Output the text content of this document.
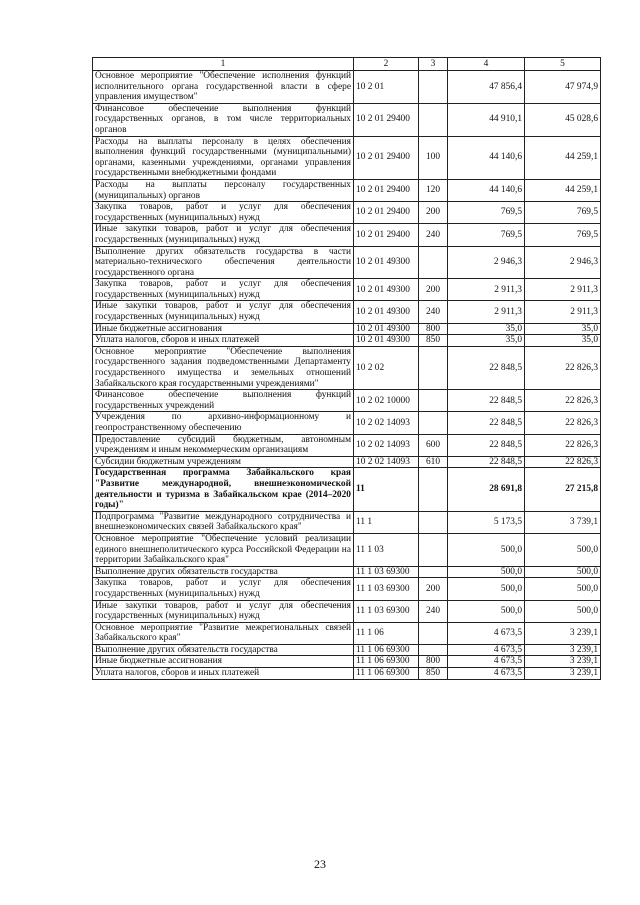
1	2	3	4	5
Основное мероприятие "Обеспечение исполнения функций исполнительного органа государственной власти в сфере управления имуществом"	10 2 01		47 856,4	47 974,9
Финансовое обеспечение выполнения функций государственных органов, в том числе территориальных органов	10 2 01 29400		44 910,1	45 028,6
Расходы на выплаты персоналу в целях обеспечения выполнения функций государственными (муниципальными) органами, казенными учреждениями, органами управления государственными внебюджетными фондами	10 2 01 29400	100	44 140,6	44 259,1
Расходы на выплаты персоналу государственных (муниципальных) органов	10 2 01 29400	120	44 140,6	44 259,1
Закупка товаров, работ и услуг для обеспечения государственных (муниципальных) нужд	10 2 01 29400	200	769,5	769,5
Иные закупки товаров, работ и услуг для обеспечения государственных (муниципальных) нужд	10 2 01 29400	240	769,5	769,5
Выполнение других обязательств государства в части материально-технического обеспечения деятельности государственного органа	10 2 01 49300		2 946,3	2 946,3
Закупка товаров, работ и услуг для обеспечения государственных (муниципальных) нужд	10 2 01 49300	200	2 911,3	2 911,3
Иные закупки товаров, работ и услуг для обеспечения государственных (муниципальных) нужд	10 2 01 49300	240	2 911,3	2 911,3
Иные бюджетные ассигнования	10 2 01 49300	800	35,0	35,0
Уплата налогов, сборов и иных платежей	10 2 01 49300	850	35,0	35,0
Основное мероприятие "Обеспечение выполнения государственного задания подведомственными Департаменту государственного имущества и земельных отношений Забайкальского края государственными учреждениями"	10 2 02		22 848,5	22 826,3
Финансовое обеспечение выполнения функций государственных учреждений	10 2 02 10000		22 848,5	22 826,3
Учреждения по архивно-информационному и геопространственному обеспечению	10 2 02 14093		22 848,5	22 826,3
Предоставление субсидий бюджетным, автономным учреждениям и иным некоммерческим организациям	10 2 02 14093	600	22 848,5	22 826,3
Субсидии бюджетным учреждениям	10 2 02 14093	610	22 848,5	22 826,3
Государственная программа Забайкальского края "Развитие международной, внешнеэкономической деятельности и туризма в Забайкальском крае (2014–2020 годы)"	11		28 691,8	27 215,8
Подпрограмма "Развитие международного сотрудничества и внешнеэкономических связей Забайкальского края"	11 1		5 173,5	3 739,1
Основное мероприятие "Обеспечение условий реализации единого внешнеполитического курса Российской Федерации на территории Забайкальского края"	11 1 03		500,0	500,0
Выполнение других обязательств государства	11 1 03 69300		500,0	500,0
Закупка товаров, работ и услуг для обеспечения государственных (муниципальных) нужд	11 1 03 69300	200	500,0	500,0
Иные закупки товаров, работ и услуг для обеспечения государственных (муниципальных) нужд	11 1 03 69300	240	500,0	500,0
Основное мероприятие "Развитие межрегиональных связей Забайкальского края"	11 1 06		4 673,5	3 239,1
Выполнение других обязательств государства	11 1 06 69300		4 673,5	3 239,1
Иные бюджетные ассигнования	11 1 06 69300	800	4 673,5	3 239,1
Уплата налогов, сборов и иных платежей	11 1 06 69300	850	4 673,5	3 239,1
23
